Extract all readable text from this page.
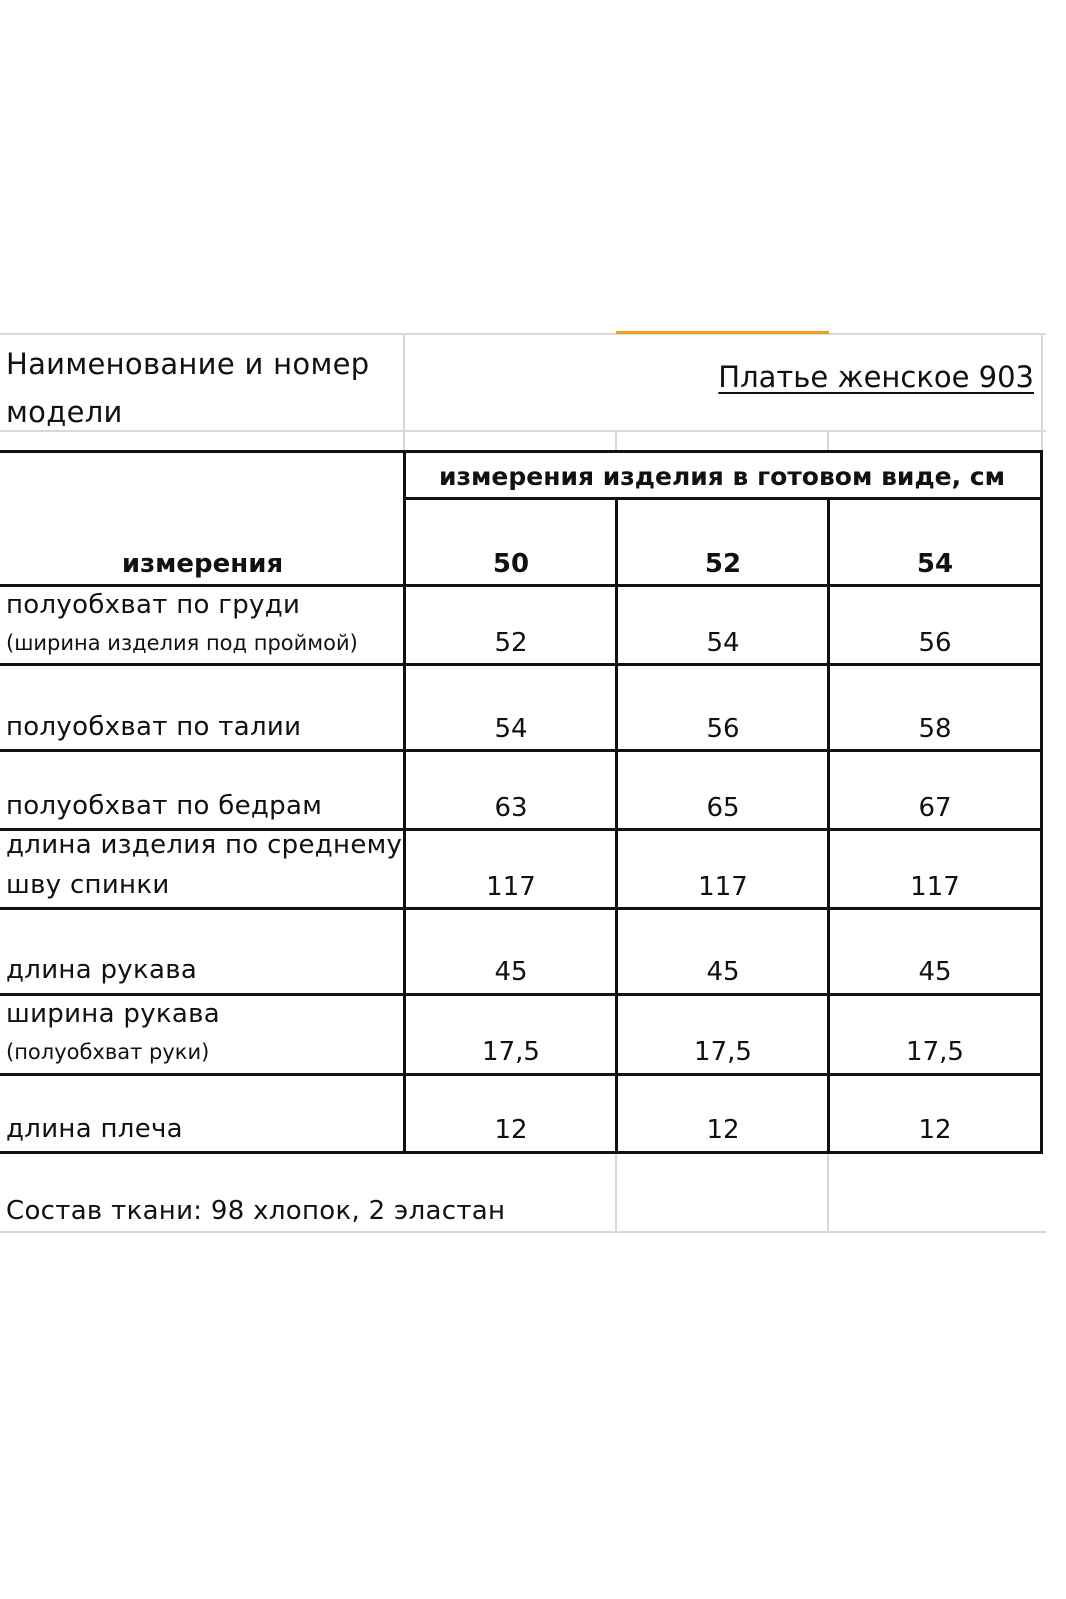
Наименование и номер
модели
Платье женское 903
измерения изделия в готовом виде, см
измерения	50	52	54
полуобхват по груди
(ширина изделия под проймой)	52	54	56
полуобхват по талии	54	56	58
полуобхват по бедрам	63	65	67
длина изделия по среднему
шву спинки	117	117	117
длина рукава	45	45	45
ширина рукава
(полуобхват руки)	17,5	17,5	17,5
длина плеча	12	12	12
Состав ткани: 98 хлопок, 2 эластан
